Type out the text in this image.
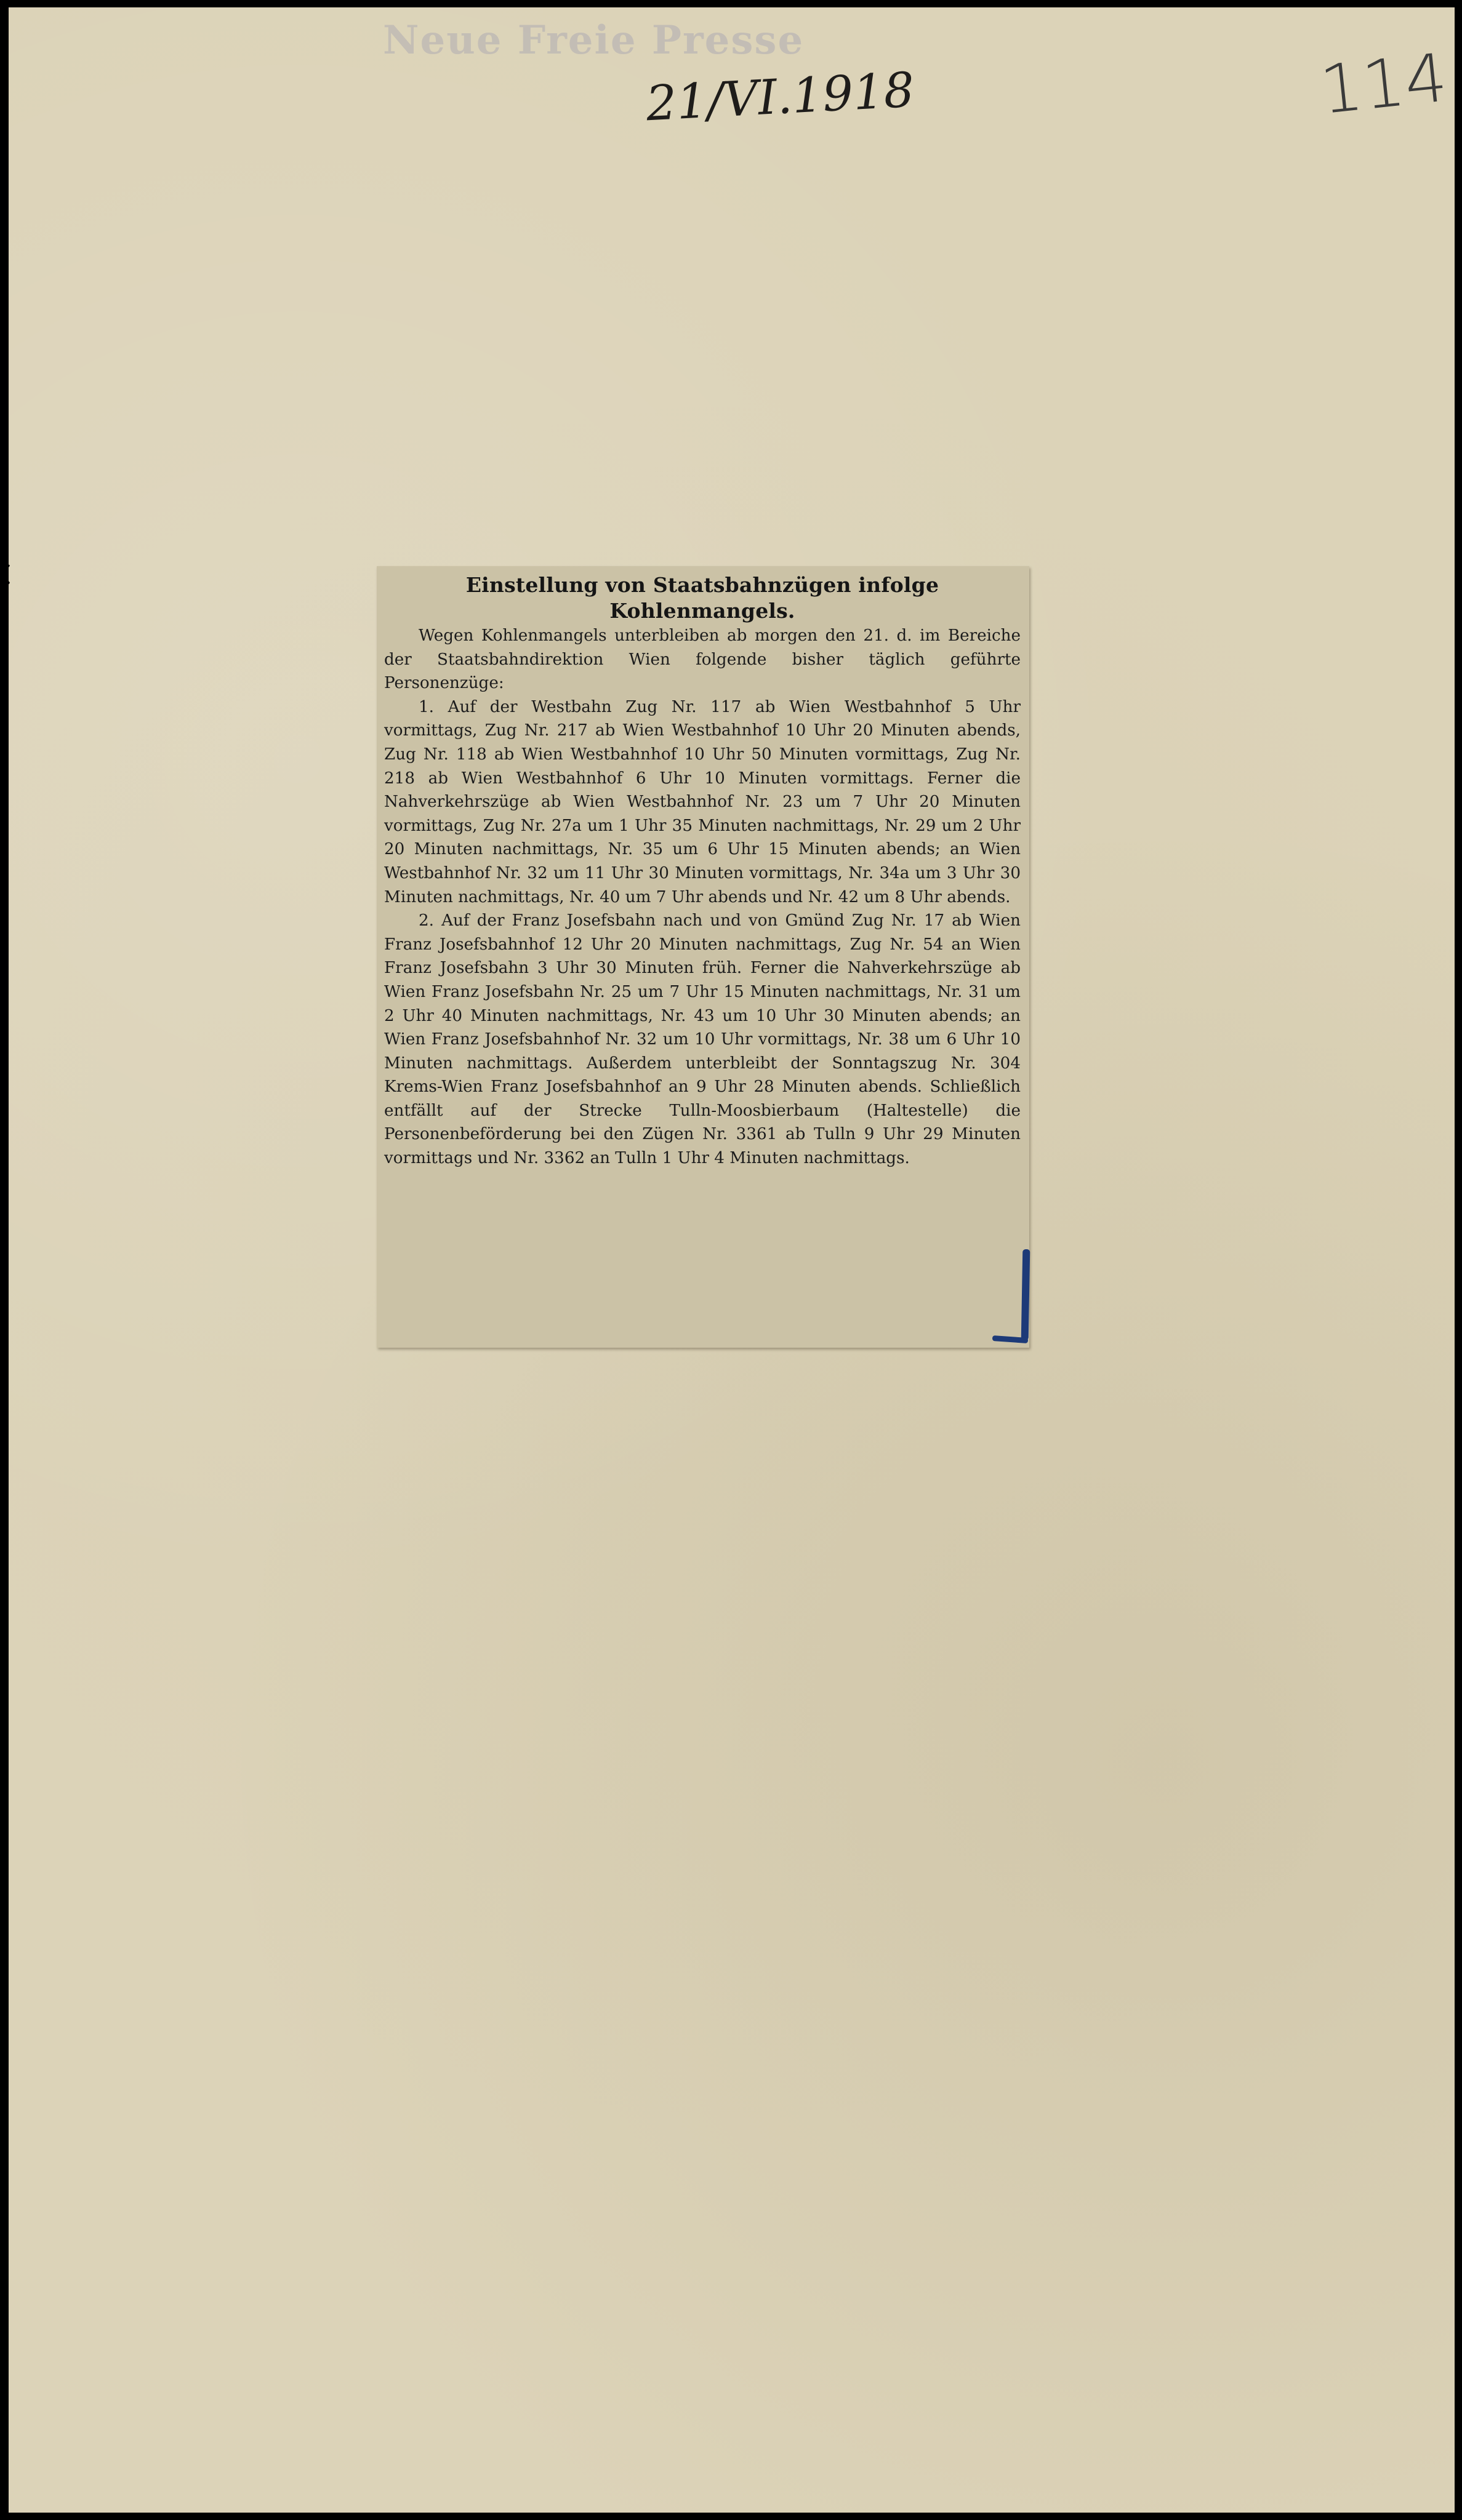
Neue Freie Presse
21/VI.1918	114

Einstellung von Staatsbahnzügen infolge Kohlenmangels.

Wegen Kohlenmangels unterbleiben ab morgen den 21. d. im Bereiche der Staatsbahndirektion Wien folgende bisher täglich geführte Personenzüge:

1. Auf der Westbahn Zug Nr. 117 ab Wien Westbahnhof 5 Uhr vormittags, Zug Nr. 217 ab Wien Westbahnhof 10 Uhr 20 Minuten abends, Zug Nr. 118 ab Wien Westbahnhof 10 Uhr 50 Minuten vormittags, Zug Nr. 218 ab Wien Westbahnhof 6 Uhr 10 Minuten vormittags. Ferner die Nahverkehrszüge ab Wien Westbahnhof Nr. 23 um 7 Uhr 20 Minuten vormittags, Zug Nr. 27a um 1 Uhr 35 Minuten nachmittags, Nr. 29 um 2 Uhr 20 Minuten nachmittags, Nr. 35 um 6 Uhr 15 Minuten abends; an Wien Westbahnhof Nr. 32 um 11 Uhr 30 Minuten vormittags, Nr. 34a um 3 Uhr 30 Minuten nachmittags, Nr. 40 um 7 Uhr abends und Nr. 42 um 8 Uhr abends.

2. Auf der Franz Josefsbahn nach und von Gmünd Zug Nr. 17 ab Wien Franz Josefsbahnhof 12 Uhr 20 Minuten nachmittags, Zug Nr. 54 an Wien Franz Josefsbahn 3 Uhr 30 Minuten früh. Ferner die Nahverkehrszüge ab Wien Franz Josefsbahn Nr. 25 um 7 Uhr 15 Minuten nachmittags, Nr. 31 um 2 Uhr 40 Minuten nachmittags, Nr. 43 um 10 Uhr 30 Minuten abends; an Wien Franz Josefsbahnhof Nr. 32 um 10 Uhr vormittags, Nr. 38 um 6 Uhr 10 Minuten nachmittags. Außerdem unterbleibt der Sonntagszug Nr. 304 Krems-Wien Franz Josefsbahnhof an 9 Uhr 28 Minuten abends. Schließlich entfällt auf der Strecke Tulln-Moosbierbaum (Haltestelle) die Personenbeförderung bei den Zügen Nr. 3361 ab Tulln 9 Uhr 29 Minuten vormittags und Nr. 3362 an Tulln 1 Uhr 4 Minuten nachmittags.
